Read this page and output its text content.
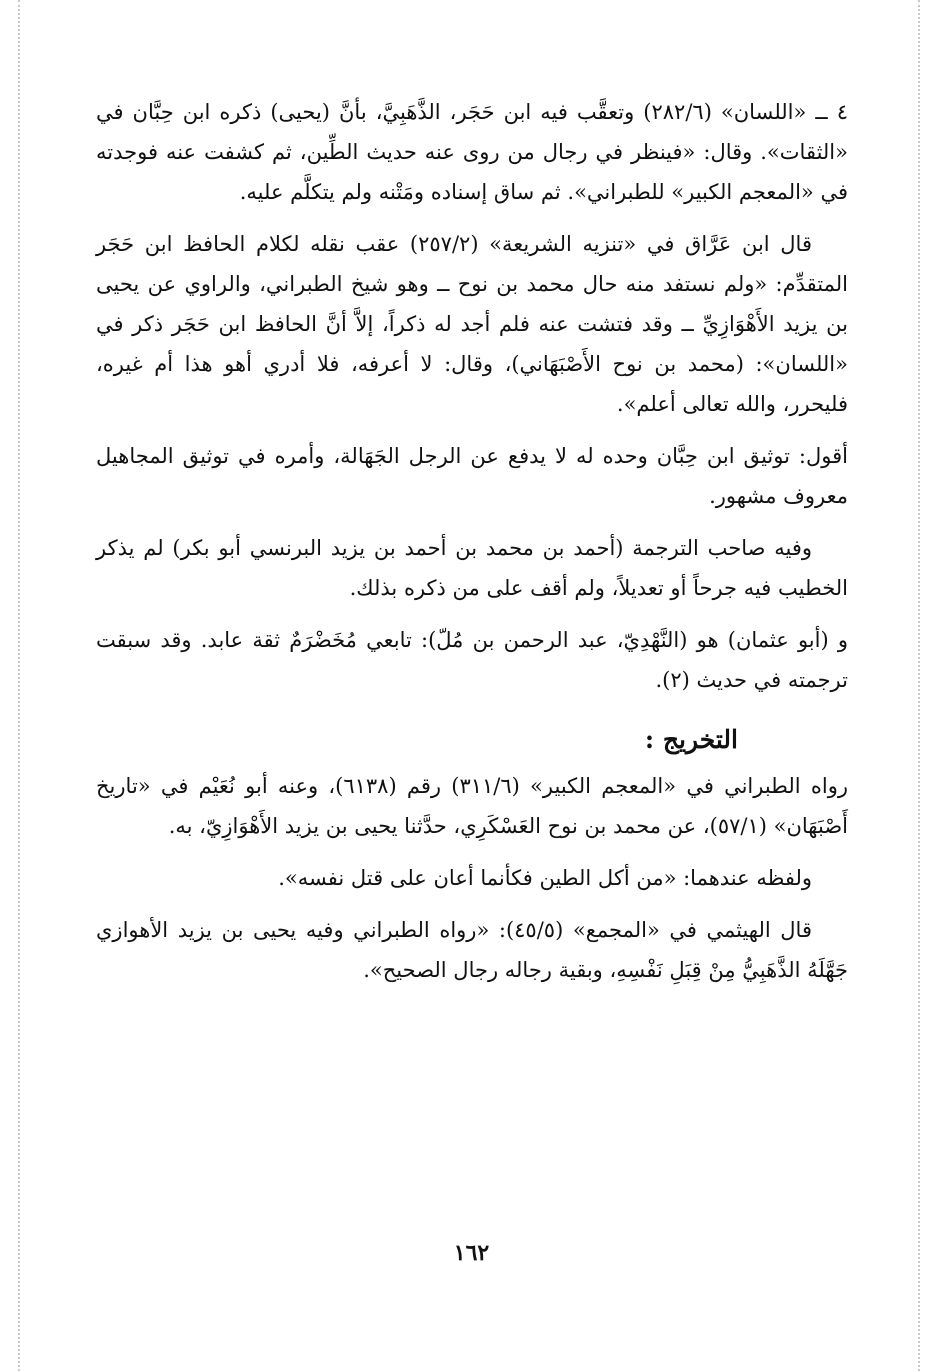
٤ ــ «اللسان» (٢٨٢/٦) وتعقَّب فيه ابن حَجَر، الذَّهَبِيَّ، بأنَّ (يحيى) ذكره ابن حِبَّان في «الثقات». وقال: «فينظر في رجال من روى عنه حديث الطِّين، ثم كشفت عنه فوجدته في «المعجم الكبير» للطبراني». ثم ساق إسناده ومَتْنه ولم يتكلَّم عليه.

قال ابن عَرَّاق في «تنزيه الشريعة» (٢٥٧/٢) عقب نقله لكلام الحافظ ابن حَجَر المتقدِّم: «ولم نستفد منه حال محمد بن نوح ــ وهو شيخ الطبراني، والراوي عن يحيى بن يزيد الأَهْوَازِيِّ ــ وقد فتشت عنه فلم أجد له ذكراً، إلاَّ أنَّ الحافظ ابن حَجَر ذكر في «اللسان»: (محمد بن نوح الأَصْبَهَاني)، وقال: لا أعرفه، فلا أدري أهو هذا أم غيره، فليحرر، والله تعالى أعلم».

أقول: توثيق ابن حِبَّان وحده له لا يدفع عن الرجل الجَهَالة، وأمره في توثيق المجاهيل معروف مشهور.

وفيه صاحب الترجمة (أحمد بن محمد بن أحمد بن يزيد البرنسي أبو بكر) لم يذكر الخطيب فيه جرحاً أو تعديلاً، ولم أقف على من ذكره بذلك.

و (أبو عثمان) هو (النَّهْدِيّ، عبد الرحمن بن مُلّ): تابعي مُخَضْرَمٌ ثقة عابد. وقد سبقت ترجمته في حديث (٢).

التخريج :

رواه الطبراني في «المعجم الكبير» (٣١١/٦) رقم (٦١٣٨)، وعنه أبو نُعَيْم في «تاريخ أَصْبَهَان» (٥٧/١)، عن محمد بن نوح العَسْكَرِي، حدَّثنا يحيى بن يزيد الأَهْوَازِيّ، به.

ولفظه عندهما: «من أكل الطين فكأنما أعان على قتل نفسه».

قال الهيثمي في «المجمع» (٤٥/٥): «رواه الطبراني وفيه يحيى بن يزيد الأهوازي جَهَّلَهُ الذَّهَبِيُّ مِنْ قِبَلِ نَفْسِهِ، وبقية رجاله رجال الصحيح».

١٦٢
